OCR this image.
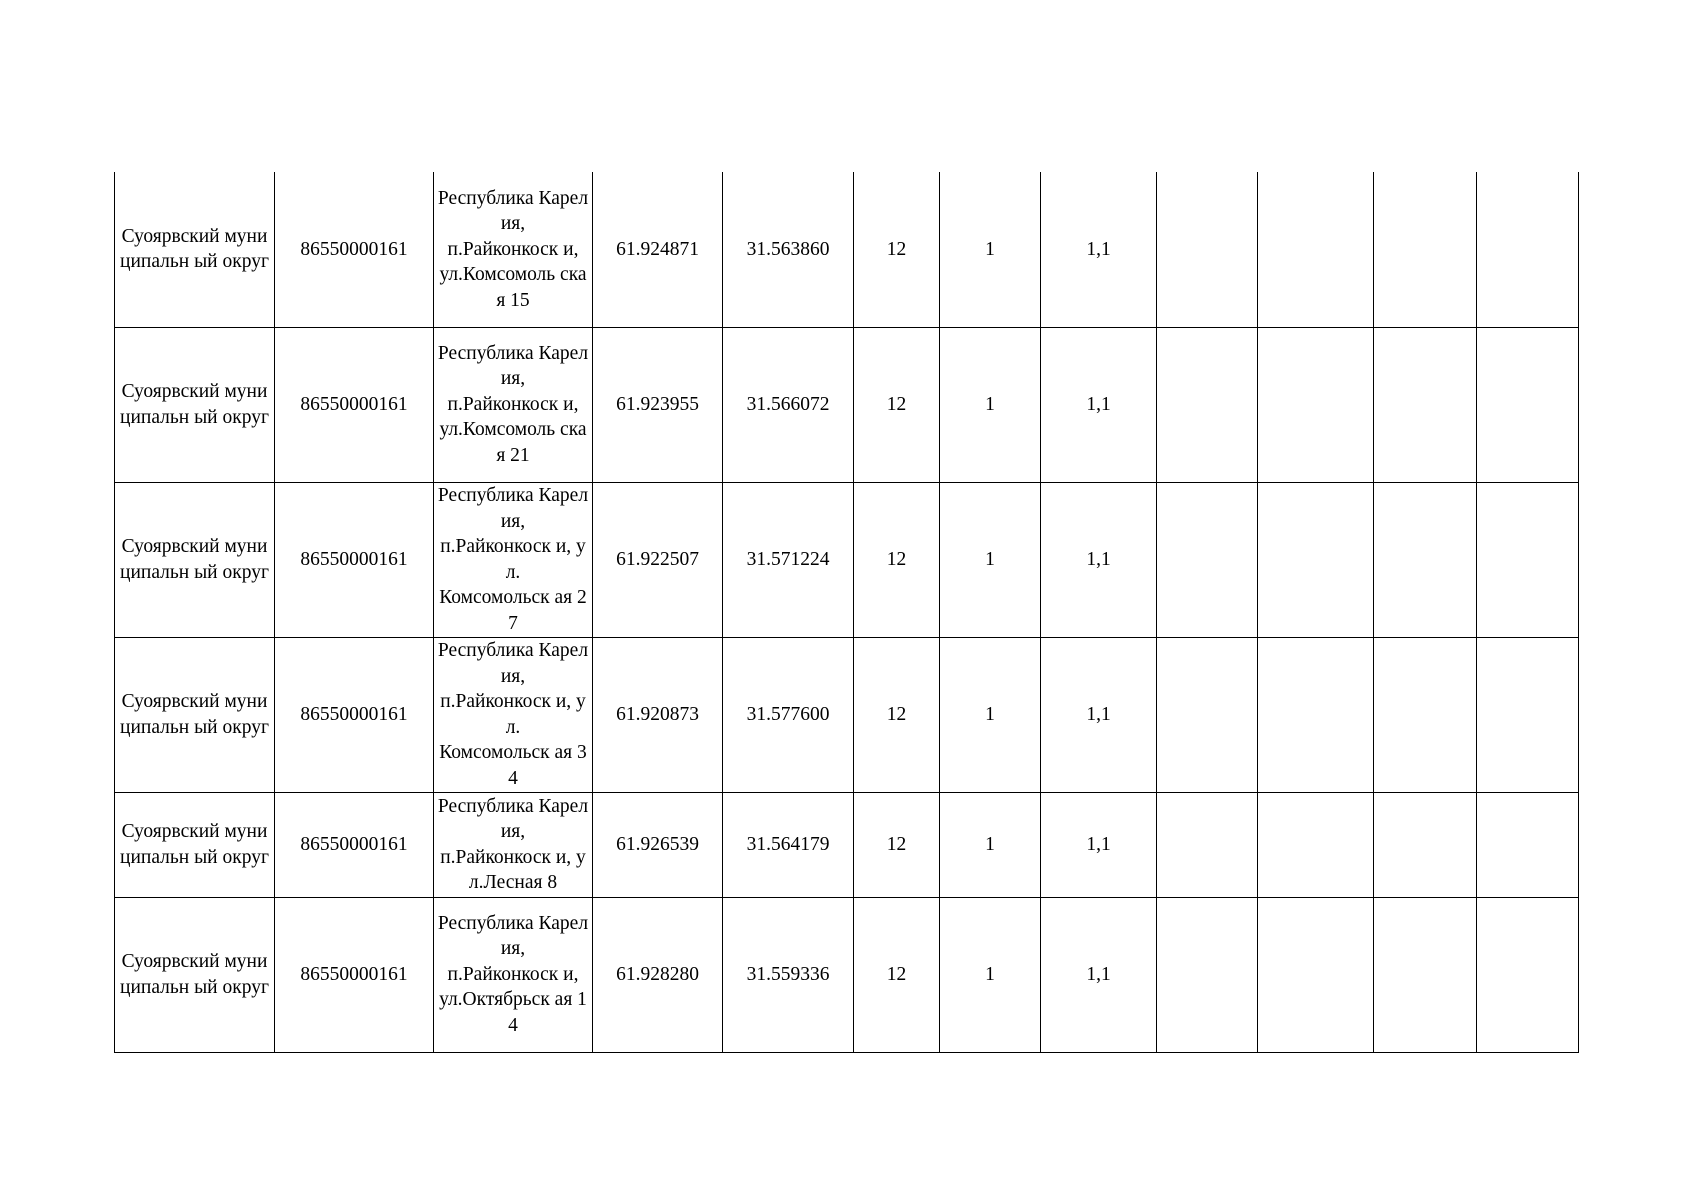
Суоярвский муниципальн ый округ	86550000161	Республика Карелия,
п.Райконкоск и,
ул.Комсомоль ская 15	61.924871	31.563860	12	1	1,1				

Суоярвский муниципальн ый округ	86550000161	Республика Карелия,
п.Райконкоск и,
ул.Комсомоль ская 21	61.923955	31.566072	12	1	1,1				

Суоярвский муниципальн ый округ	86550000161	Республика Карелия,
п.Райконкоск и, ул.
Комсомольск ая 27	61.922507	31.571224	12	1	1,1				

Суоярвский муниципальн ый округ	86550000161	Республика Карелия,
п.Райконкоск и, ул.
Комсомольск ая 34	61.920873	31.577600	12	1	1,1				

Суоярвский муниципальн ый округ	86550000161	Республика Карелия,
п.Райконкоск и, ул.Лесная 8	61.926539	31.564179	12	1	1,1				

Суоярвский муниципальн ый округ	86550000161	Республика Карелия,
п.Райконкоск и,
ул.Октябрьск ая 14	61.928280	31.559336	12	1	1,1				
